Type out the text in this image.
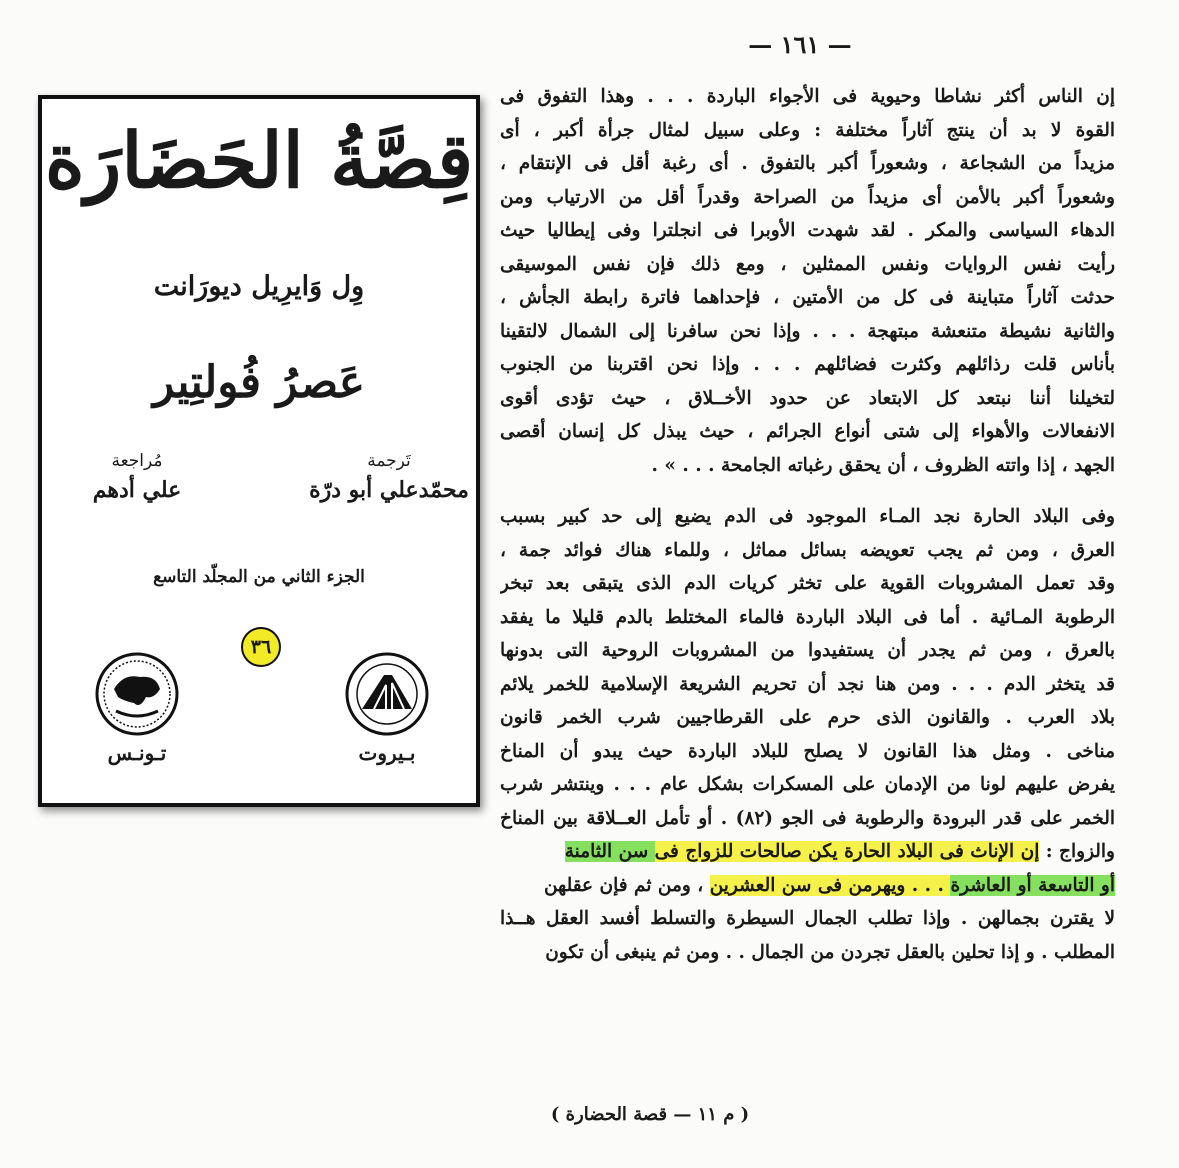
— ١٦١ —
قِصَّةُ الحَضَارَة
وِل وَايرِيل ديورَانت
عَصرُ فُولتِير
تَرجمة
محمّدعلي أبو درّة
مُراجعة
علي أدهم
الجزء الثاني من المجلّد التاسع
٣٦
تـونـس	بـيروت
إن الناس أكثر نشاطا وحيوية فى الأجواء الباردة . . . وهذا التفوق فى
القوة لا بد أن ينتج آثاراً مختلفة : وعلى سبيل لمثال جرأة أكبر ، أى
مزيداً من الشجاعة ، وشعوراً أكبر بالتفوق . أى رغبة أقل فى الإنتقام ،
وشعوراً أكبر بالأمن أى مزيداً من الصراحة وقدراً أقل من الارتياب ومن
الدهاء السياسى والمكر . لقد شهدت الأوبرا فى انجلترا وفى إيطاليا حيث
رأيت نفس الروايات ونفس الممثلين ، ومع ذلك فإن نفس الموسيقى
حدثت آثاراً متباينة فى كل من الأمتين ، فإحداهما فاترة رابطة الجأش ،
والثانية نشيطة متنعشة مبتهجة . . . وإذا نحن سافرنا إلى الشمال لالتقينا
بأناس قلت رذائلهم وكثرت فضائلهم . . . وإذا نحن اقتربنا من الجنوب
لتخيلنا أننا نبتعد كل الابتعاد عن حدود الأخــلاق ، حيث تؤدى أقوى
الانفعالات والأهواء إلى شتى أنواع الجرائم ، حيث يبذل كل إنسان أقصى
الجهد ، إذا واتته الظروف ، أن يحقق رغباته الجامحة . . . » .
وفى البلاد الحارة نجد المـاء الموجود فى الدم يضيع إلى حد كبير بسبب
العرق ، ومن ثم يجب تعويضه بسائل مماثل ، وللماء هناك فوائد جمة ،
وقد تعمل المشروبات القوية على تخثر كريات الدم الذى يتبقى بعد تبخر
الرطوبة المـائية . أما فى البلاد الباردة فالماء المختلط بالدم قليلا ما يفقد
بالعرق ، ومن ثم يجدر أن يستفيدوا من المشروبات الروحية التى بدونها
قد يتخثر الدم . . . ومن هنا نجد أن تحريم الشريعة الإسلامية للخمر يلائم
بلاد العرب . والقانون الذى حرم على القرطاجيين شرب الخمر قانون
مناخى . ومثل هذا القانون لا يصلح للبلاد الباردة حيث يبدو أن المناخ
يفرض عليهم لونا من الإدمان على المسكرات بشكل عام . . . وينتشر شرب
الخمر على قدر البرودة والرطوبة فى الجو (٨٢) . أو تأمل العــلاقة بين المناخ
والزواج : إن الإناث فى البلاد الحارة يكن صالحات للزواج فى سن الثامنة
أو التاسعة أو العاشرة . . . ويهرمن فى سن العشرين ، ومن ثم فإن عقلهن
لا يقترن بجمالهن . وإذا تطلب الجمال السيطرة والتسلط أفسد العقل هــذا
المطلب . و إذا تحلين بالعقل تجردن من الجمال . . ومن ثم ينبغى أن تكون
( م ١١ — قصة الحضارة )
